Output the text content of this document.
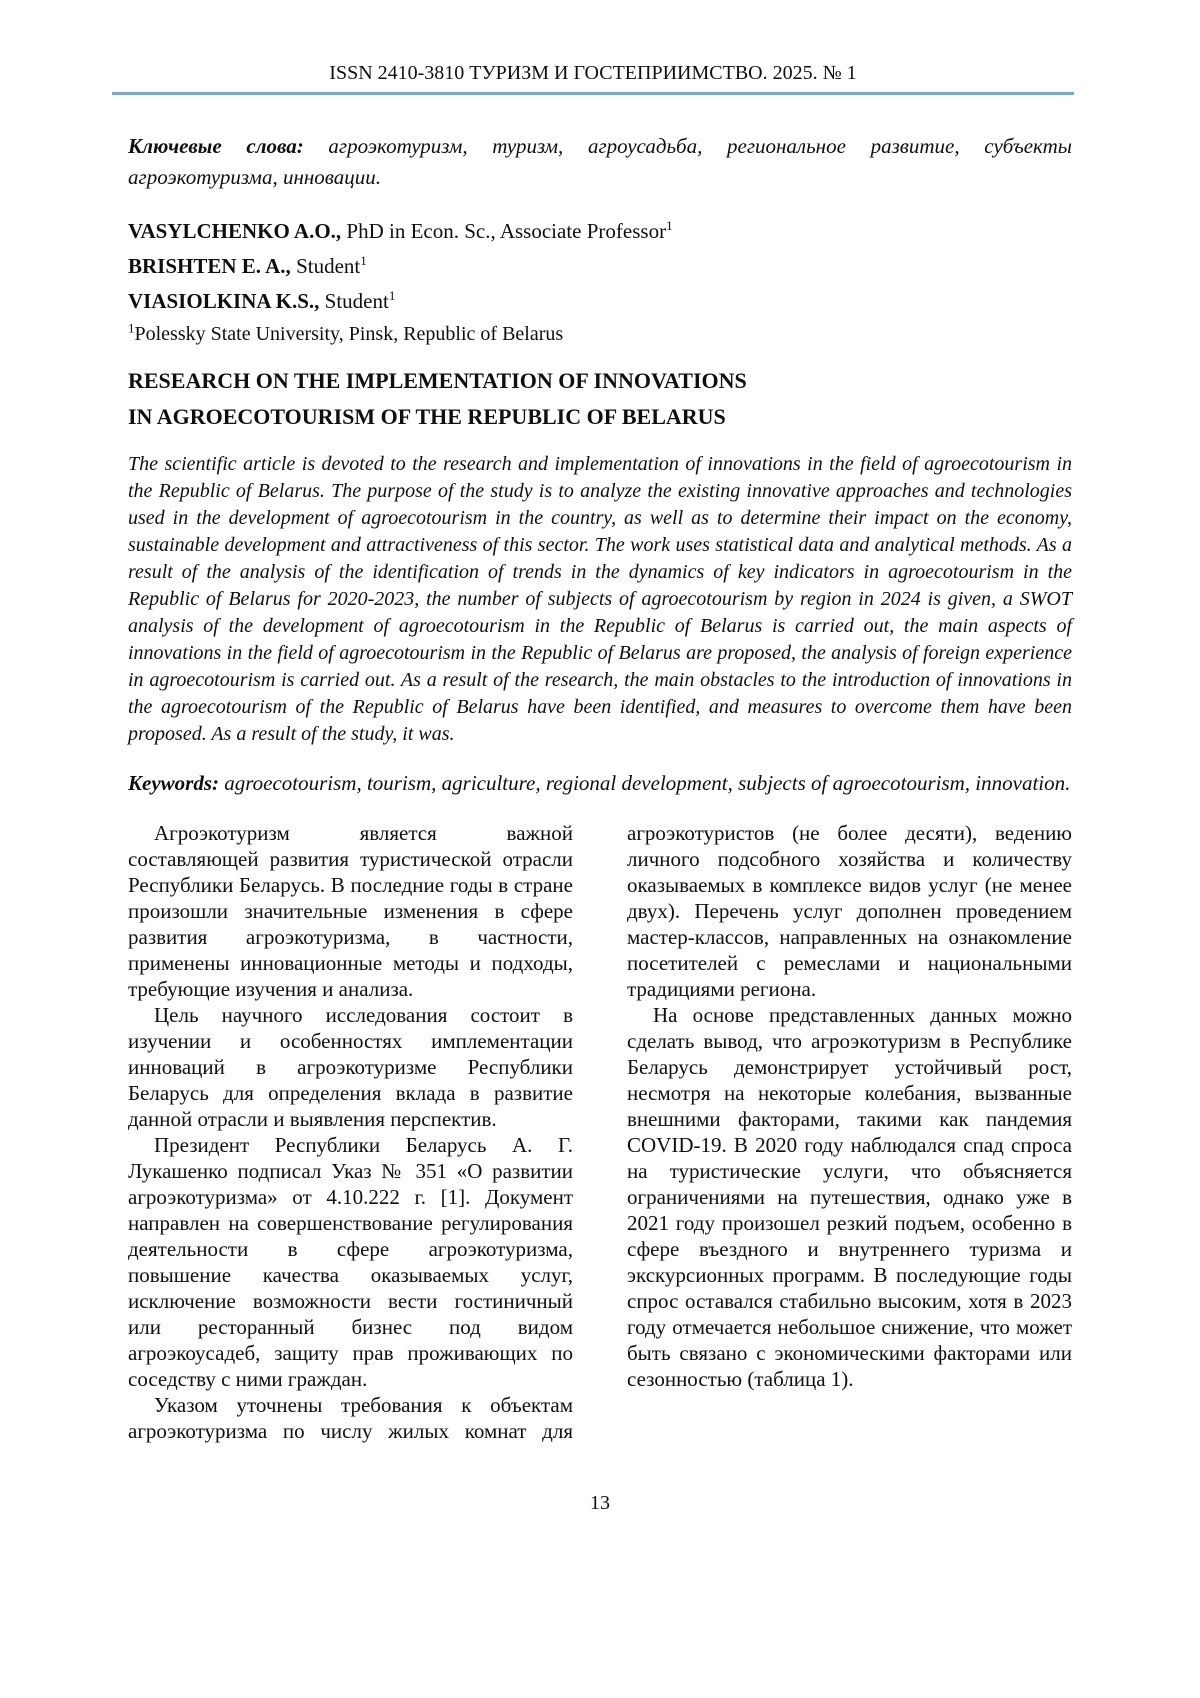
ISSN 2410-3810 ТУРИЗМ И ГОСТЕПРИИМСТВО. 2025. № 1

Ключевые слова: агроэкотуризм, туризм, агроусадьба, региональное развитие, субъекты агроэкотуризма, инновации.

VASYLCHENKO A.O., PhD in Econ. Sc., Associate Professor$^1$
BRISHTEN E. A., Student$^1$
VIASIOLKINA K.S., Student$^1$
$^1$Polessky State University, Pinsk, Republic of Belarus
RESEARCH ON THE IMPLEMENTATION OF INNOVATIONS
IN AGROECOTOURISM OF THE REPUBLIC OF BELARUS

The scientific article is devoted to the research and implementation of innovations in the field of agroecotourism in the Republic of Belarus. The purpose of the study is to analyze the existing innovative approaches and technologies used in the development of agroecotourism in the country, as well as to determine their impact on the economy, sustainable development and attractiveness of this sector. The work uses statistical data and analytical methods. As a result of the analysis of the identification of trends in the dynamics of key indicators in agroecotourism in the Republic of Belarus for 2020-2023, the number of subjects of agroecotourism by region in 2024 is given, a SWOT analysis of the development of agroecotourism in the Republic of Belarus is carried out, the main aspects of innovations in the field of agroecotourism in the Republic of Belarus are proposed, the analysis of foreign experience in agroecotourism is carried out. As a result of the research, the main obstacles to the introduction of innovations in the agroecotourism of the Republic of Belarus have been identified, and measures to overcome them have been proposed. As a result of the study, it was.

Keywords: agroecotourism, tourism, agriculture, regional development, subjects of agroecotourism, innovation.

Агроэкотуризм является важной составляющей развития туристической отрасли Республики Беларусь. В последние годы в стране произошли значительные изменения в сфере развития агроэкотуризма, в частности, применены инновационные методы и подходы, требующие изучения и анализа.

Цель научного исследования состоит в изучении и особенностях имплементации инноваций в агроэкотуризме Республики Беларусь для определения вклада в развитие данной отрасли и выявления перспектив.

Президент Республики Беларусь А. Г. Лукашенко подписал Указ № 351 «О развитии агроэкотуризма» от 4.10.222 г. [1]. Документ направлен на совершенствование регулирования деятельности в сфере агроэкотуризма, повышение качества оказываемых услуг, исключение возможности вести гостиничный или ресторанный бизнес под видом агроэкоусадеб, защиту прав проживающих по соседству с ними граждан.

Указом уточнены требования к объектам агроэкотуризма по числу жилых комнат для

агроэкотуристов (не более десяти), ведению личного подсобного хозяйства и количеству оказываемых в комплексе видов услуг (не менее двух). Перечень услуг дополнен проведением мастер-классов, направленных на ознакомление посетителей с ремеслами и национальными традициями региона.

На основе представленных данных можно сделать вывод, что агроэкотуризм в Республике Беларусь демонстрирует устойчивый рост, несмотря на некоторые колебания, вызванные внешними факторами, такими как пандемия COVID-19. В 2020 году наблюдался спад спроса на туристические услуги, что объясняется ограничениями на путешествия, однако уже в 2021 году произошел резкий подъем, особенно в сфере въездного и внутреннего туризма и экскурсионных программ. В последующие годы спрос оставался стабильно высоким, хотя в 2023 году отмечается небольшое снижение, что может быть связано с экономическими факторами или сезонностью (таблица 1).

13
